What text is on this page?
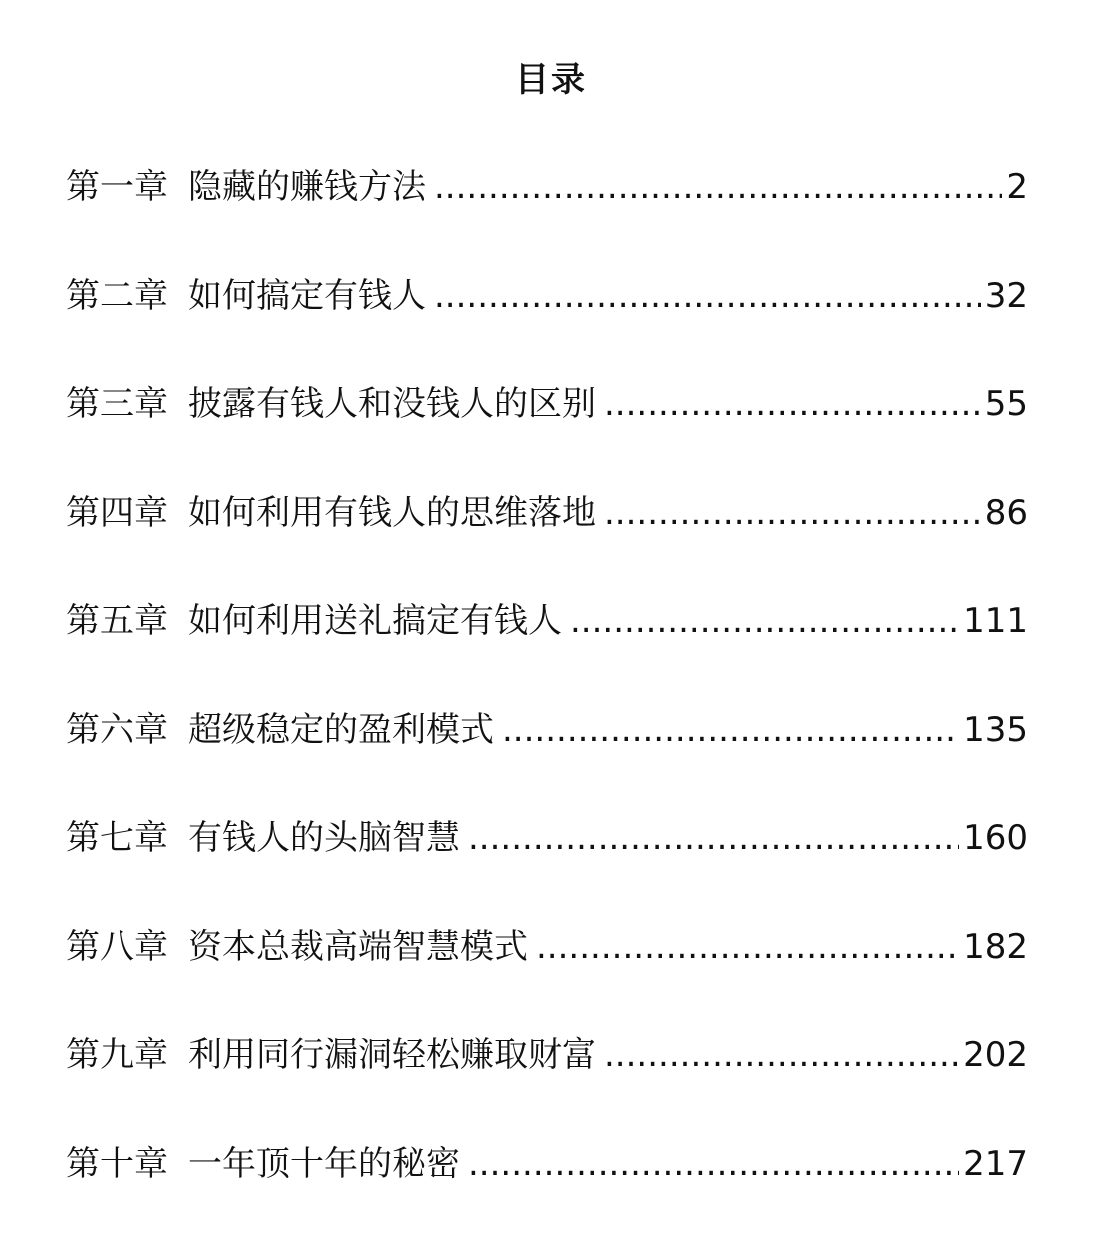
目录
第一章 隐藏的赚钱方法 .....	2
第二章 如何搞定有钱人 .....	32
第三章 披露有钱人和没钱人的区别 .....	55
第四章 如何利用有钱人的思维落地 .....	86
第五章 如何利用送礼搞定有钱人 .....	111
第六章 超级稳定的盈利模式 .....	135
第七章 有钱人的头脑智慧 .....	160
第八章 资本总裁高端智慧模式 .....	182
第九章 利用同行漏洞轻松赚取财富 .....	202
第十章 一年顶十年的秘密 .....	217
